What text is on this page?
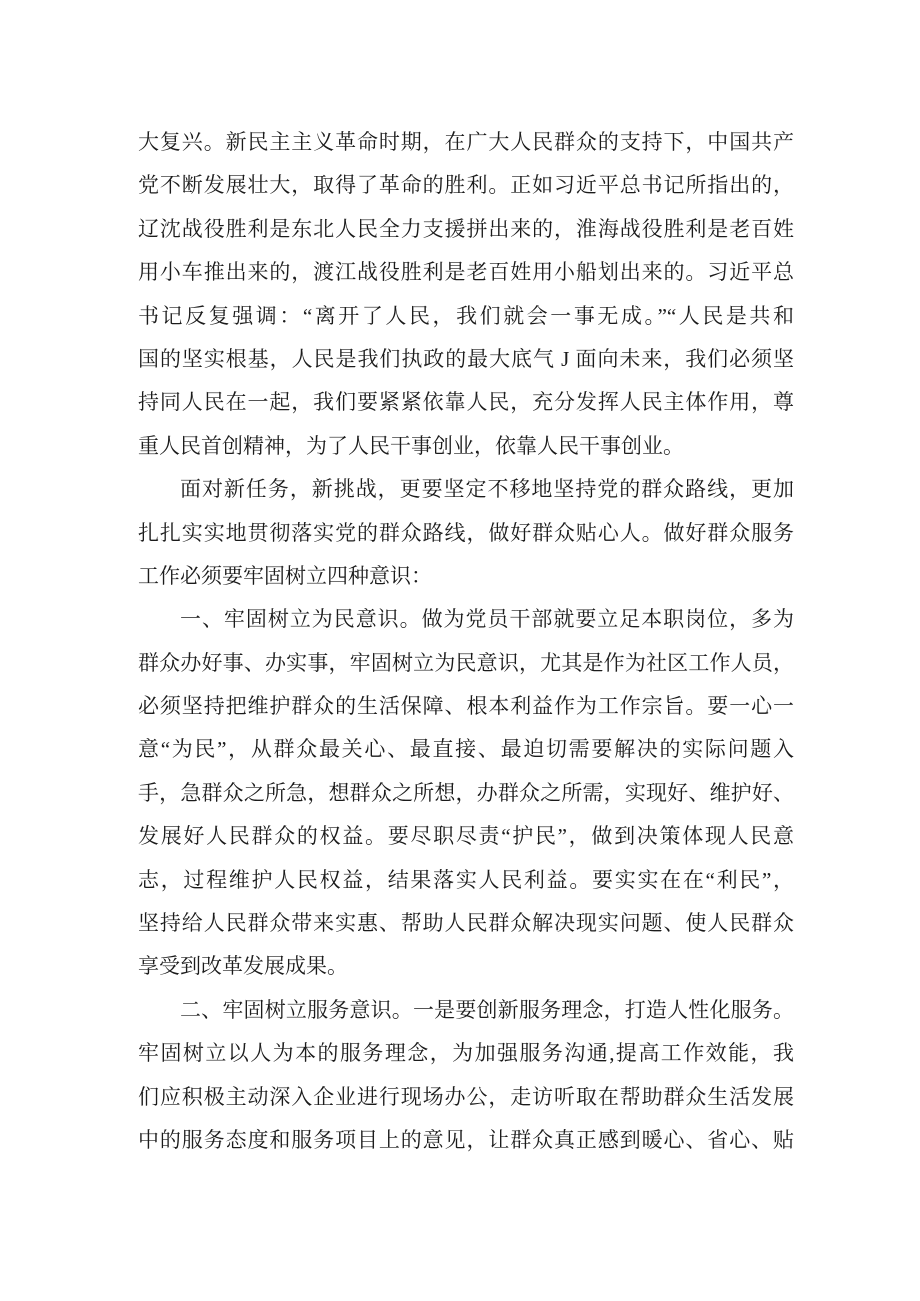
大复兴。新民主主义革命时期，在广大人民群众的支持下，中国共产
党不断发展壮大，取得了革命的胜利。正如习近平总书记所指出的，
辽沈战役胜利是东北人民全力支援拼出来的，淮海战役胜利是老百姓
用小车推出来的，渡江战役胜利是老百姓用小船划出来的。习近平总
书记反复强调：“离开了人民，我们就会一事无成。”“人民是共和
国的坚实根基，人民是我们执政的最大底气 J 面向未来，我们必须坚
持同人民在一起，我们要紧紧依靠人民，充分发挥人民主体作用，尊
重人民首创精神，为了人民干事创业，依靠人民干事创业。
面对新任务，新挑战，更要坚定不移地坚持党的群众路线，更加
扎扎实实地贯彻落实党的群众路线，做好群众贴心人。做好群众服务
工作必须要牢固树立四种意识：
一、牢固树立为民意识。做为党员干部就要立足本职岗位，多为
群众办好事、办实事，牢固树立为民意识，尤其是作为社区工作人员，
必须坚持把维护群众的生活保障、根本利益作为工作宗旨。要一心一
意“为民”，从群众最关心、最直接、最迫切需要解决的实际问题入
手，急群众之所急，想群众之所想，办群众之所需，实现好、维护好、
发展好人民群众的权益。要尽职尽责“护民”，做到决策体现人民意
志，过程维护人民权益，结果落实人民利益。要实实在在“利民”，
坚持给人民群众带来实惠、帮助人民群众解决现实问题、使人民群众
享受到改革发展成果。
二、牢固树立服务意识。一是要创新服务理念，打造人性化服务。
牢固树立以人为本的服务理念，为加强服务沟通,提高工作效能，我
们应积极主动深入企业进行现场办公，走访听取在帮助群众生活发展
中的服务态度和服务项目上的意见，让群众真正感到暖心、省心、贴
